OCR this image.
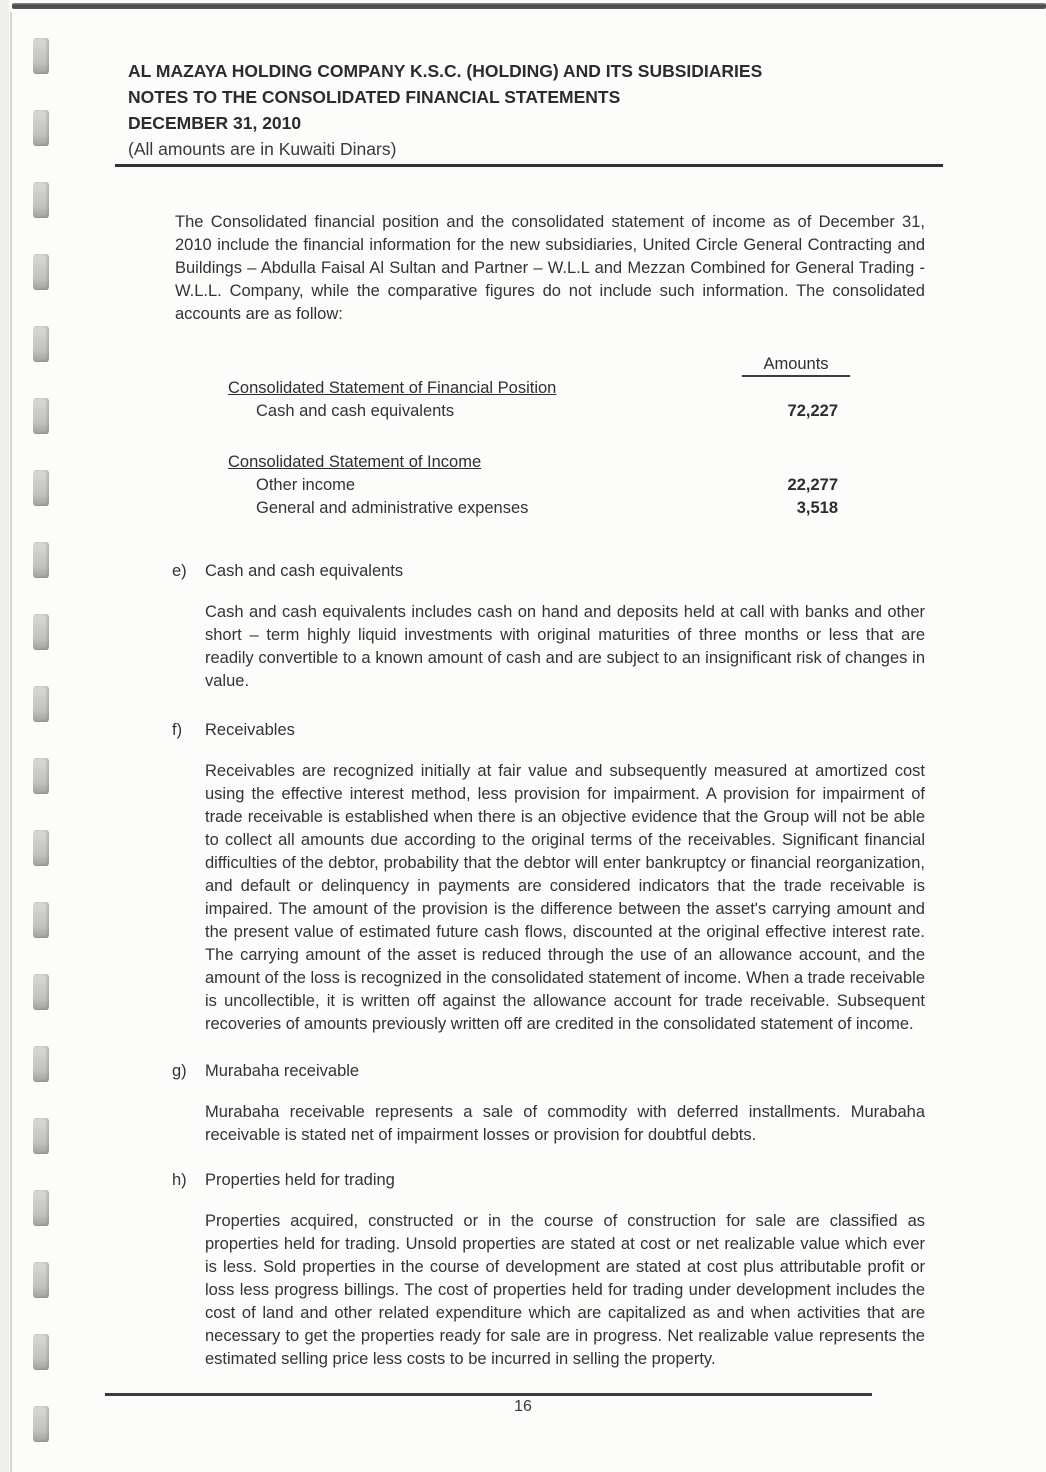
AL MAZAYA HOLDING COMPANY K.S.C. (HOLDING) AND ITS SUBSIDIARIES
NOTES TO THE CONSOLIDATED FINANCIAL STATEMENTS
DECEMBER 31, 2010
(All amounts are in Kuwaiti Dinars)

The Consolidated financial position and the consolidated statement of income as of December 31, 2010 include the financial information for the new subsidiaries, United Circle General Contracting and Buildings – Abdulla Faisal Al Sultan and Partner – W.L.L and Mezzan Combined for General Trading - W.L.L. Company, while the comparative figures do not include such information. The consolidated accounts are as follow:

Amounts
Consolidated Statement of Financial Position
Cash and cash equivalents	72,227
Consolidated Statement of Income
Other income	22,277
General and administrative expenses	3,518
e)	Cash and cash equivalents

Cash and cash equivalents includes cash on hand and deposits held at call with banks and other short – term highly liquid investments with original maturities of three months or less that are readily convertible to a known amount of cash and are subject to an insignificant risk of changes in value.

f)	Receivables

Receivables are recognized initially at fair value and subsequently measured at amortized cost using the effective interest method, less provision for impairment. A provision for impairment of trade receivable is established when there is an objective evidence that the Group will not be able to collect all amounts due according to the original terms of the receivables. Significant financial difficulties of the debtor, probability that the debtor will enter bankruptcy or financial reorganization, and default or delinquency in payments are considered indicators that the trade receivable is impaired. The amount of the provision is the difference between the asset's carrying amount and the present value of estimated future cash flows, discounted at the original effective interest rate. The carrying amount of the asset is reduced through the use of an allowance account, and the amount of the loss is recognized in the consolidated statement of income. When a trade receivable is uncollectible, it is written off against the allowance account for trade receivable. Subsequent recoveries of amounts previously written off are credited in the consolidated statement of income.

g)	Murabaha receivable

Murabaha receivable represents a sale of commodity with deferred installments. Murabaha receivable is stated net of impairment losses or provision for doubtful debts.

h)	Properties held for trading

Properties acquired, constructed or in the course of construction for sale are classified as properties held for trading. Unsold properties are stated at cost or net realizable value which ever is less. Sold properties in the course of development are stated at cost plus attributable profit or loss less progress billings. The cost of properties held for trading under development includes the cost of land and other related expenditure which are capitalized as and when activities that are necessary to get the properties ready for sale are in progress. Net realizable value represents the estimated selling price less costs to be incurred in selling the property.

16
